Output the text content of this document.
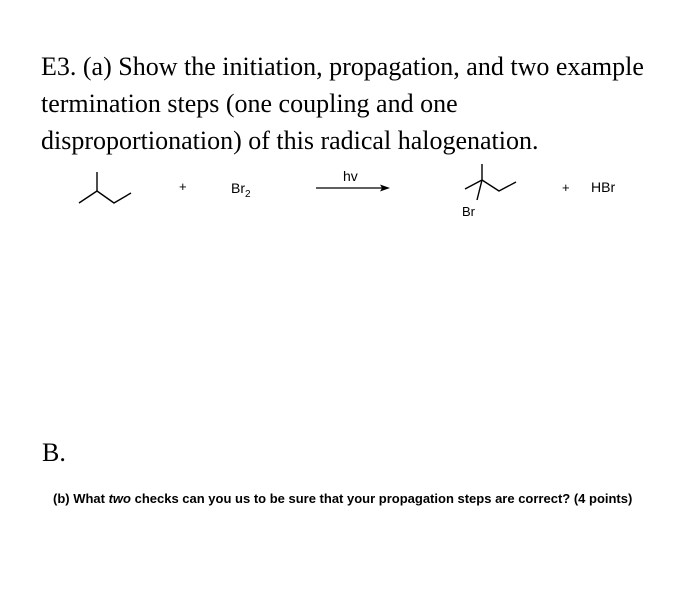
E3. (a) Show the initiation, propagation, and two example termination steps (one coupling and one disproportionation) of this radical halogenation.

+	$Br_2$
hv
Br
+ HBr

B.

(b) What two checks can you us to be sure that your propagation steps are correct? (4 points)
